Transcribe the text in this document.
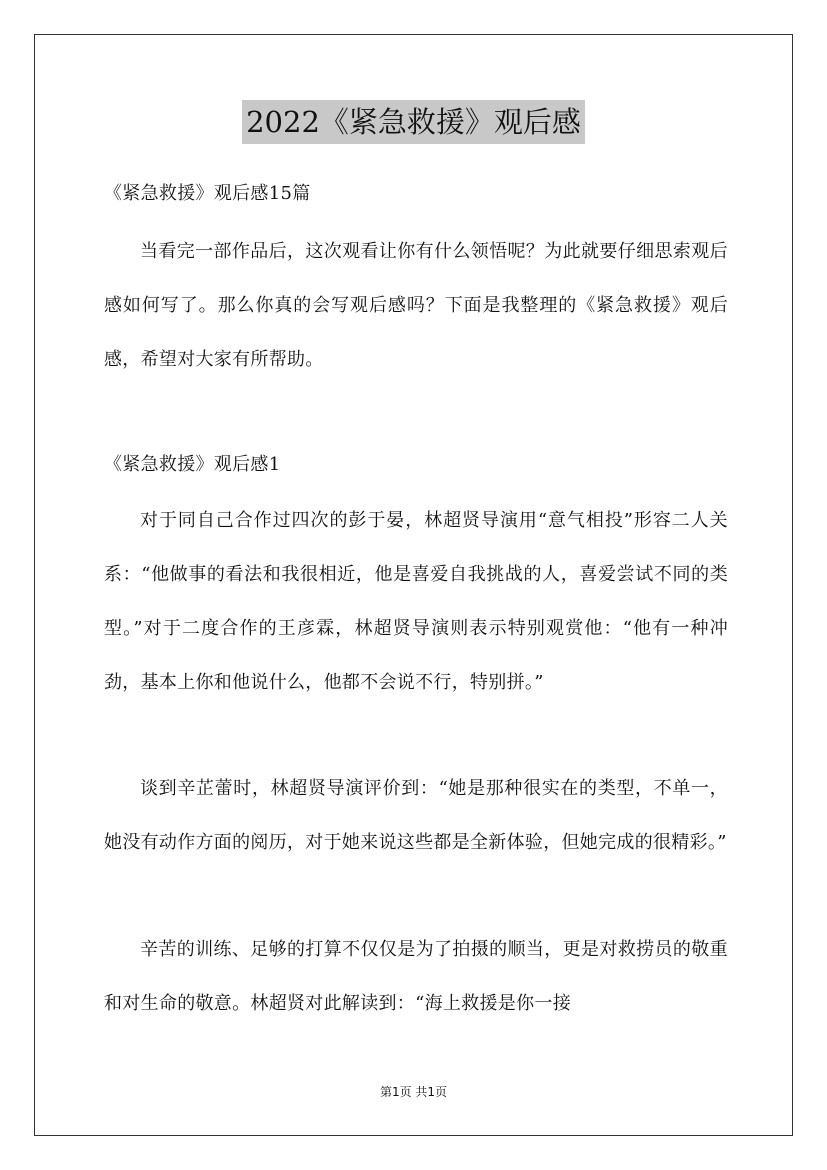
2022《紧急救援》观后感
《紧急救援》观后感15篇

当看完一部作品后，这次观看让你有什么领悟呢？为此就要仔细思索观后感如何写了。那么你真的会写观后感吗？下面是我整理的《紧急救援》观后感，希望对大家有所帮助。

《紧急救援》观后感1

对于同自己合作过四次的彭于晏，林超贤导演用“意气相投”形容二人关系：“他做事的看法和我很相近，他是喜爱自我挑战的人，喜爱尝试不同的类型。”对于二度合作的王彦霖，林超贤导演则表示特别观赏他：“他有一种冲劲，基本上你和他说什么，他都不会说不行，特别拼。”

谈到辛芷蕾时，林超贤导演评价到：“她是那种很实在的类型，不单一，她没有动作方面的阅历，对于她来说这些都是全新体验，但她完成的很精彩。”

辛苦的训练、足够的打算不仅仅是为了拍摄的顺当，更是对救捞员的敬重和对生命的敬意。林超贤对此解读到：“海上救援是你一接

第1页 共1页
